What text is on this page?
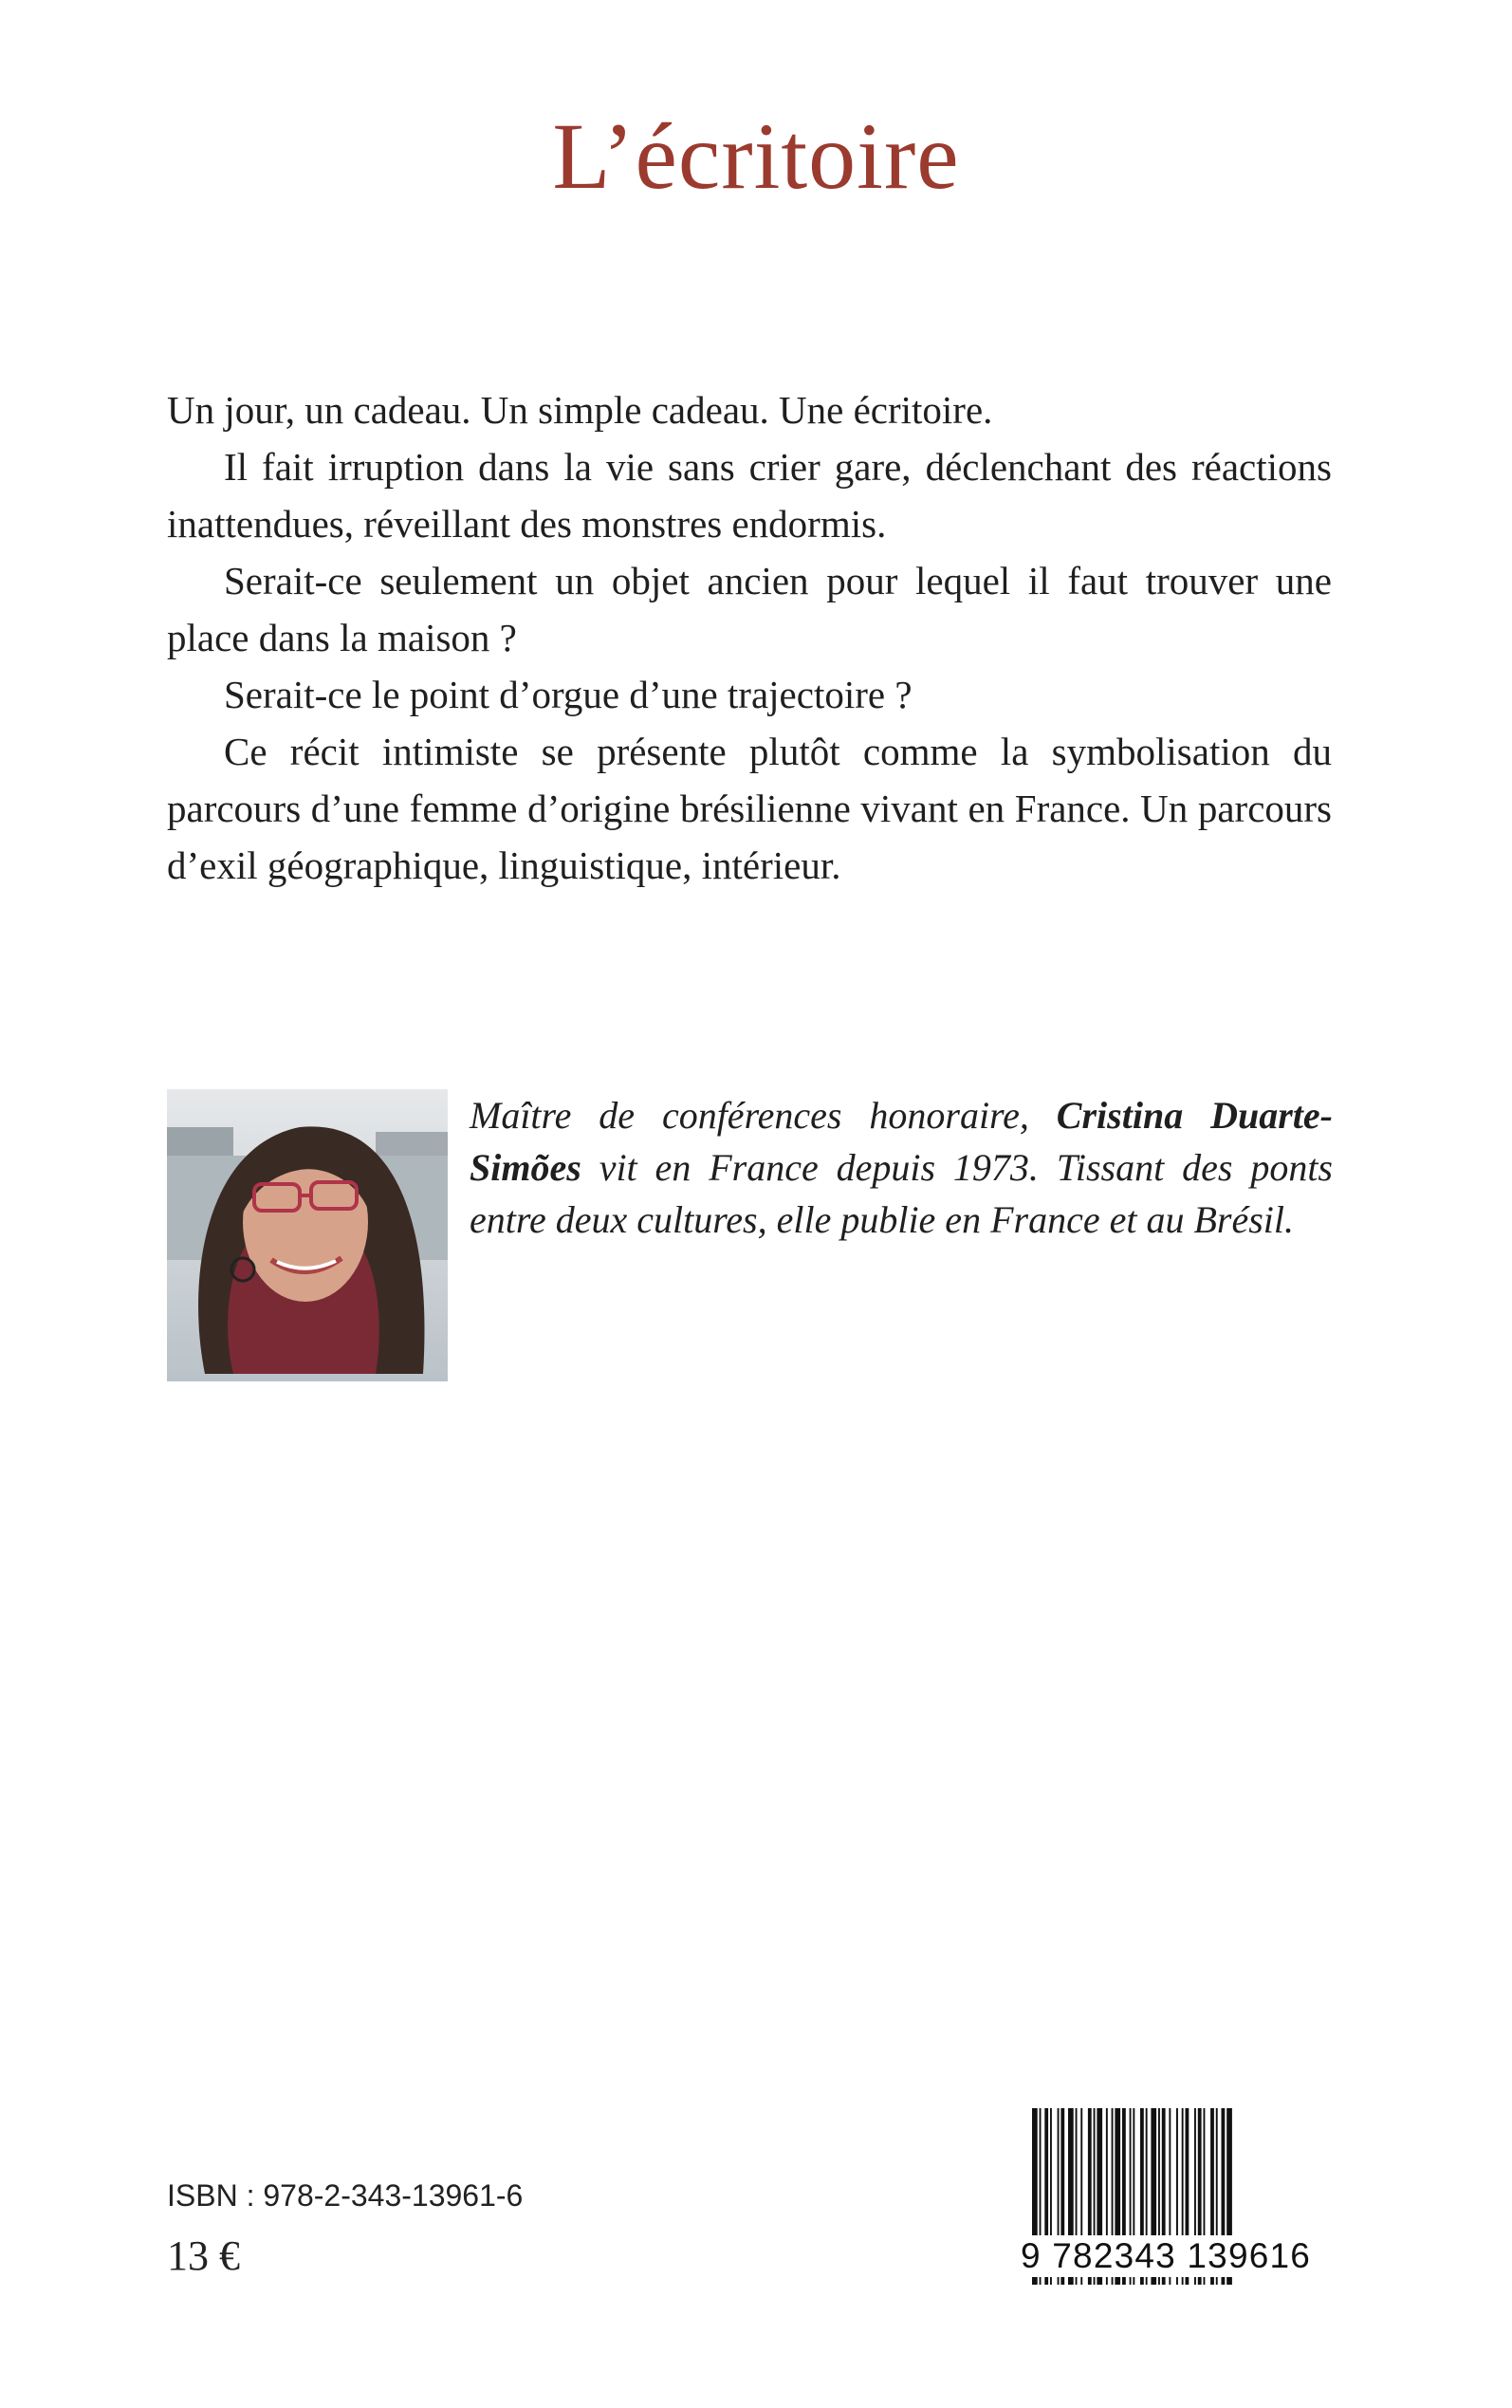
L’écritoire

Un jour, un cadeau. Un simple cadeau. Une écritoire.

Il fait irruption dans la vie sans crier gare, déclenchant des réactions inattendues, réveillant des monstres endormis.

Serait-ce seulement un objet ancien pour lequel il faut trouver une place dans la maison ?

Serait-ce le point d’orgue d’une trajectoire ?

Ce récit intimiste se présente plutôt comme la symbolisation du parcours d’une femme d’origine brésilienne vivant en France. Un parcours d’exil géographique, linguistique, intérieur.

Maître de conférences honoraire, Cristina Duarte-Simões vit en France depuis 1973. Tissant des ponts entre deux cultures, elle publie en France et au Brésil.
ISBN : 978-2-343-13961-6
13 €	9 782343 139616
